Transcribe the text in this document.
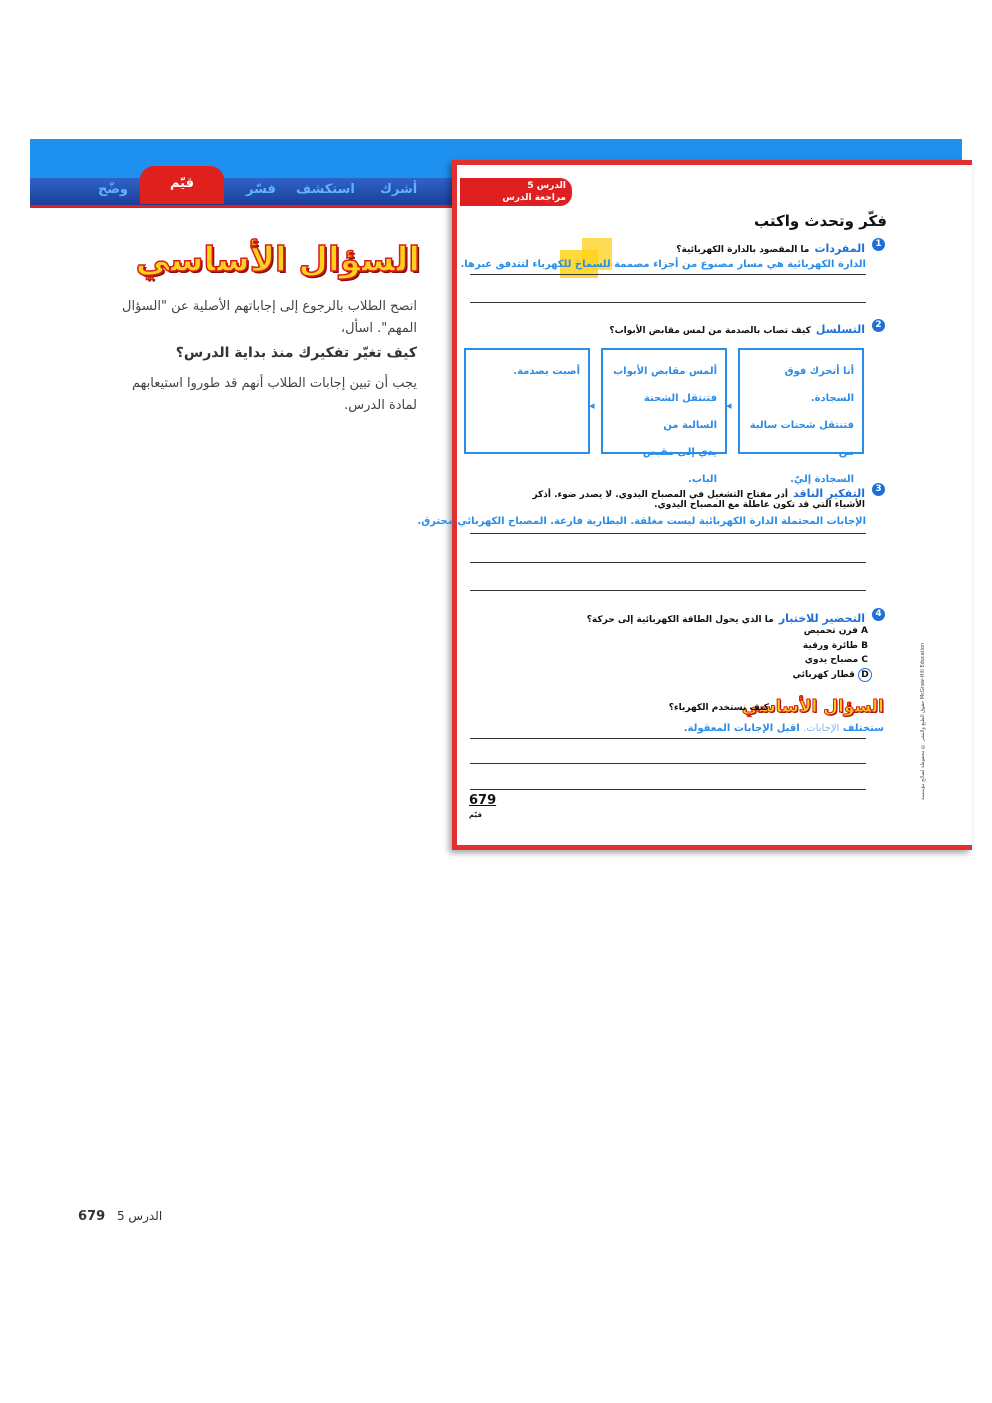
وضّح	قيّم	فسّر استكشف أشرك
السؤال الأساسي
انصح الطلاب بالرجوع إلى إجاباتهم الأصلية عن "السؤال المهم". اسأل،
كيف تغيّر تفكيرك منذ بداية الدرس؟
يجب أن تبين إجابات الطلاب أنهم قد طوروا استيعابهم لمادة الدرس.
الدرس 5
مراجعة الدرس
فكّر وتحدث واكتب
1
المفردات ما المقصود بالدارة الكهربائية؟
الدارة الكهربائية هي مسار مصنوع من أجزاء مصممة للسماح للكهرباء لتتدفق عبرها.
2
التسلسل كيف تصاب بالصدمة من لمس مقابض الأبواب؟
أنا أتحرك فوق السجادة.
فتنتقل شحنات سالبة من
السجادة إليّ.
◂
ألمس مقابض الأبواب
فتنتقل الشحنة السالبة من
يدي إلى مقبض الباب.
◂
أصبت بصدمة.
3
التفكير الناقد أدر مفتاح التشغيل في المصباح اليدوي. لا يصدر ضوء. أذكر
الأشياء التي قد تكون عاطلة مع المصباح اليدوي.
الإجابات المحتملة الدارة الكهربائية ليست مغلقة. البطارية فارغة. المصباح الكهربائي محترق.
4
التحضير للاختبار ما الذي يحول الطاقة الكهربائية إلى حركة؟
A فرن تحميص
B طائرة ورقية
C مصباح يدوي
D قطار كهربائي
حقوق الطبع والنشر © محفوظة لصالح مؤسسة McGraw-Hill Education
السؤال الأساسي
كيف نستخدم الكهرباء؟
ستختلف الإجابات. اقبل الإجابات المعقولة.
679
قيّم
679 الدرس 5
